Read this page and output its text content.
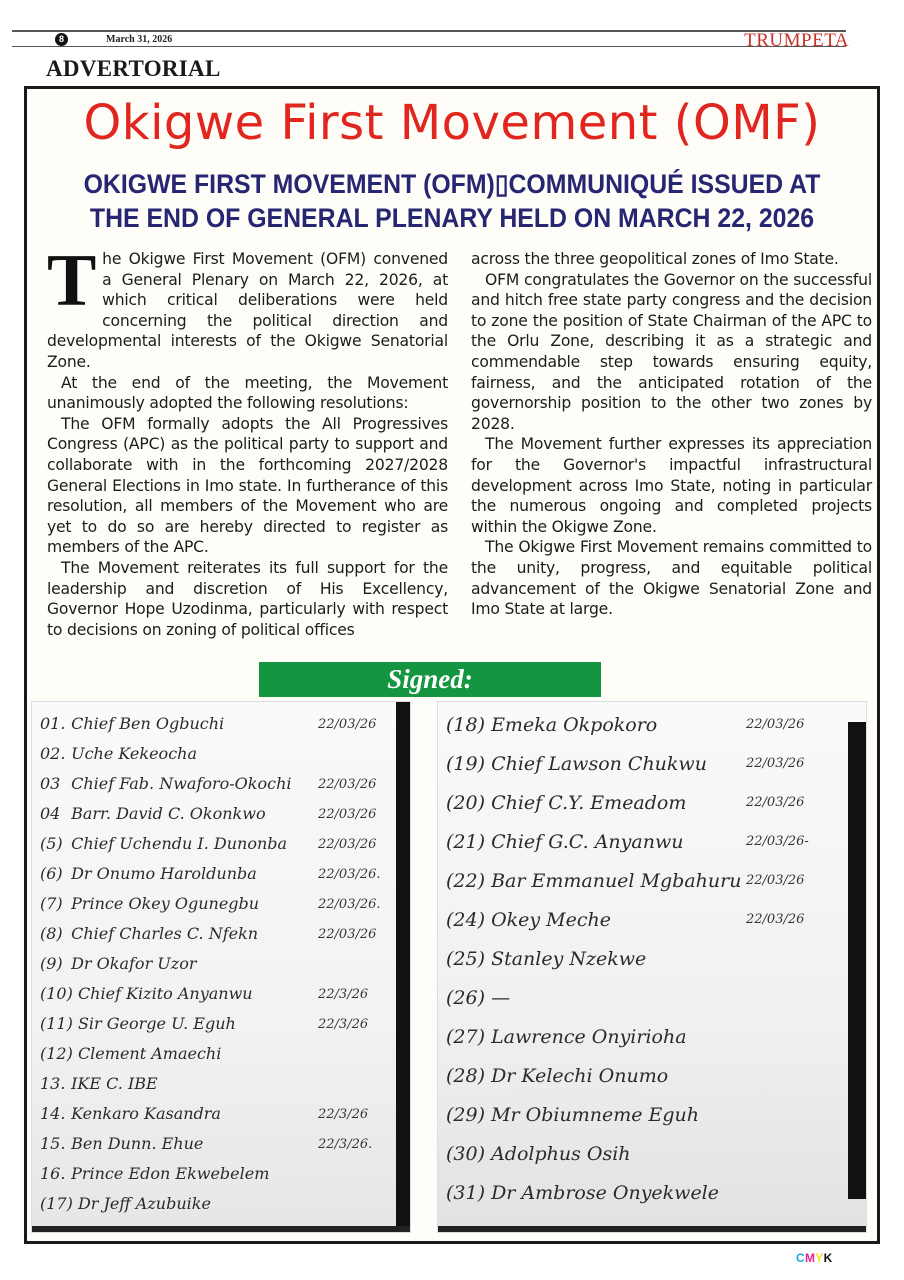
8	March 31, 2026	TRUMPETA
ADVERTORIAL
Okigwe First Movement (OMF)
OKIGWE FIRST MOVEMENT (OFM)▯COMMUNIQUÉ ISSUED AT
THE END OF GENERAL PLENARY HELD ON MARCH 22, 2026

The Okigwe First Movement (OFM) convened a General Plenary on March 22, 2026, at which critical deliberations were held concerning the political direction and developmental interests of the Okigwe Senatorial Zone.

At the end of the meeting, the Movement unanimously adopted the following resolutions:

The OFM formally adopts the All Progressives Congress (APC) as the political party to support and collaborate with in the forthcoming 2027/2028 General Elections in Imo state. In furtherance of this resolution, all members of the Movement who are yet to do so are hereby directed to register as members of the APC.

The Movement reiterates its full support for the leadership and discretion of His Excellency, Governor Hope Uzodinma, particularly with respect to decisions on zoning of political offices

across the three geopolitical zones of Imo State.

OFM congratulates the Governor on the successful and hitch free state party congress and the decision to zone the position of State Chairman of the APC to the Orlu Zone, describing it as a strategic and commendable step towards ensuring equity, fairness, and the anticipated rotation of the governorship position to the other two zones by 2028.

The Movement further expresses its appreciation for the Governor's impactful infrastructural development across Imo State, noting in particular the numerous ongoing and completed projects within the Okigwe Zone.

The Okigwe First Movement remains committed to the unity, progress, and equitable political advancement of the Okigwe Senatorial Zone and Imo State at large.

Signed:
01. Chief Ben Ogbuchi	22/03/26
02. Uche Kekeocha
03 Chief Fab. Nwaforo-Okochi 22/03/26
04 Barr. David C. Okonkwo	22/03/26
(5) Chief Uchendu I. Dunonba 22/03/26
(6) Dr Onumo Haroldunba	22/03/26.
(7) Prince Okey Ogunegbu	22/03/26.
(8) Chief Charles C. Nfekn	22/03/26
(9) Dr Okafor Uzor
(10) Chief Kizito Anyanwu	22/3/26
(11) Sir George U. Eguh	22/3/26
(12) Clement Amaechi
13. IKE C. IBE
14. Kenkaro Kasandra	22/3/26
15. Ben Dunn. Ehue	22/3/26.
16. Prince Edon Ekwebelem
(17) Dr Jeff Azubuike
(18) Emeka Okpokoro	22/03/26
(19) Chief Lawson Chukwu	22/03/26
(20) Chief C.Y. Emeadom	22/03/26
(21) Chief G.C. Anyanwu	22/03/26-
(22) Bar Emmanuel Mgbahuru 22/03/26
(24) Okey Meche	22/03/26
(25) Stanley Nzekwe
(26) —
(27) Lawrence Onyirioha
(28) Dr Kelechi Onumo
(29) Mr Obiumneme Eguh
(30) Adolphus Osih
(31) Dr Ambrose Onyekwele
CMYK
